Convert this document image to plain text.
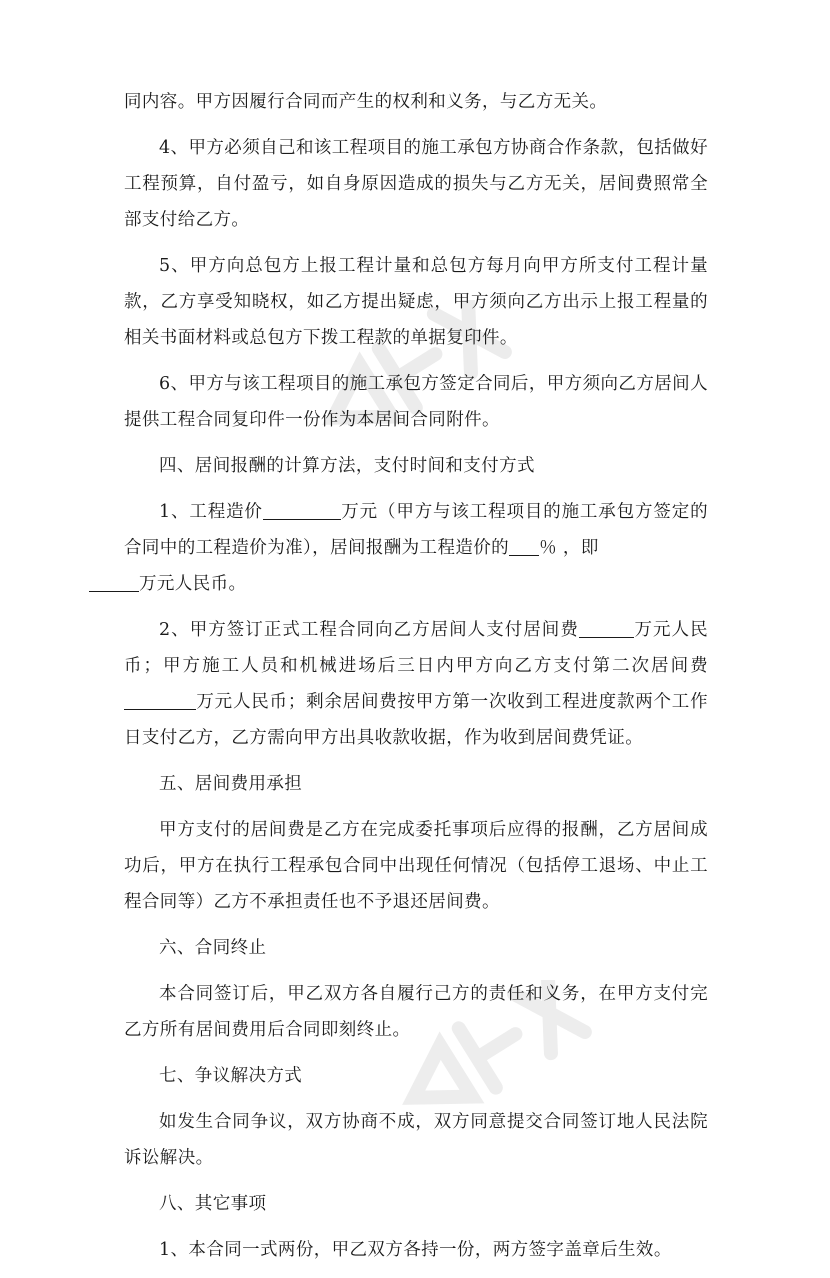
同内容。甲方因履行合同而产生的权利和义务，与乙方无关。

4、甲方必须自己和该工程项目的施工承包方协商合作条款，包括做好工程预算，自付盈亏，如自身原因造成的损失与乙方无关，居间费照常全部支付给乙方。

5、甲方向总包方上报工程计量和总包方每月向甲方所支付工程计量款，乙方享受知晓权，如乙方提出疑虑，甲方须向乙方出示上报工程量的相关书面材料或总包方下拨工程款的单据复印件。

6、甲方与该工程项目的施工承包方签定合同后，甲方须向乙方居间人提供工程合同复印件一份作为本居间合同附件。

四、居间报酬的计算方法，支付时间和支付方式

1、工程造价	万元（甲方与该工程项目的施工承包方签定的合同中的工程造价为准），居间报酬为工程造价的 ％ ，即
万元人民币。

2、甲方签订正式工程合同向乙方居间人支付居间费	万元人民币；甲方施工人员和机械进场后三日内甲方向乙方支付第二次居间费万元人民币；剩余居间费按甲方第一次收到工程进度款两个工作日支付乙方，乙方需向甲方出具收款收据，作为收到居间费凭证。

五、居间费用承担

甲方支付的居间费是乙方在完成委托事项后应得的报酬，乙方居间成功后，甲方在执行工程承包合同中出现任何情况（包括停工退场、中止工程合同等）乙方不承担责任也不予退还居间费。

六、合同终止

本合同签订后，甲乙双方各自履行己方的责任和义务，在甲方支付完乙方所有居间费用后合同即刻终止。

七、争议解决方式

如发生合同争议，双方协商不成，双方同意提交合同签订地人民法院诉讼解决。

八、其它事项

1、本合同一式两份，甲乙双方各持一份，两方签字盖章后生效。
